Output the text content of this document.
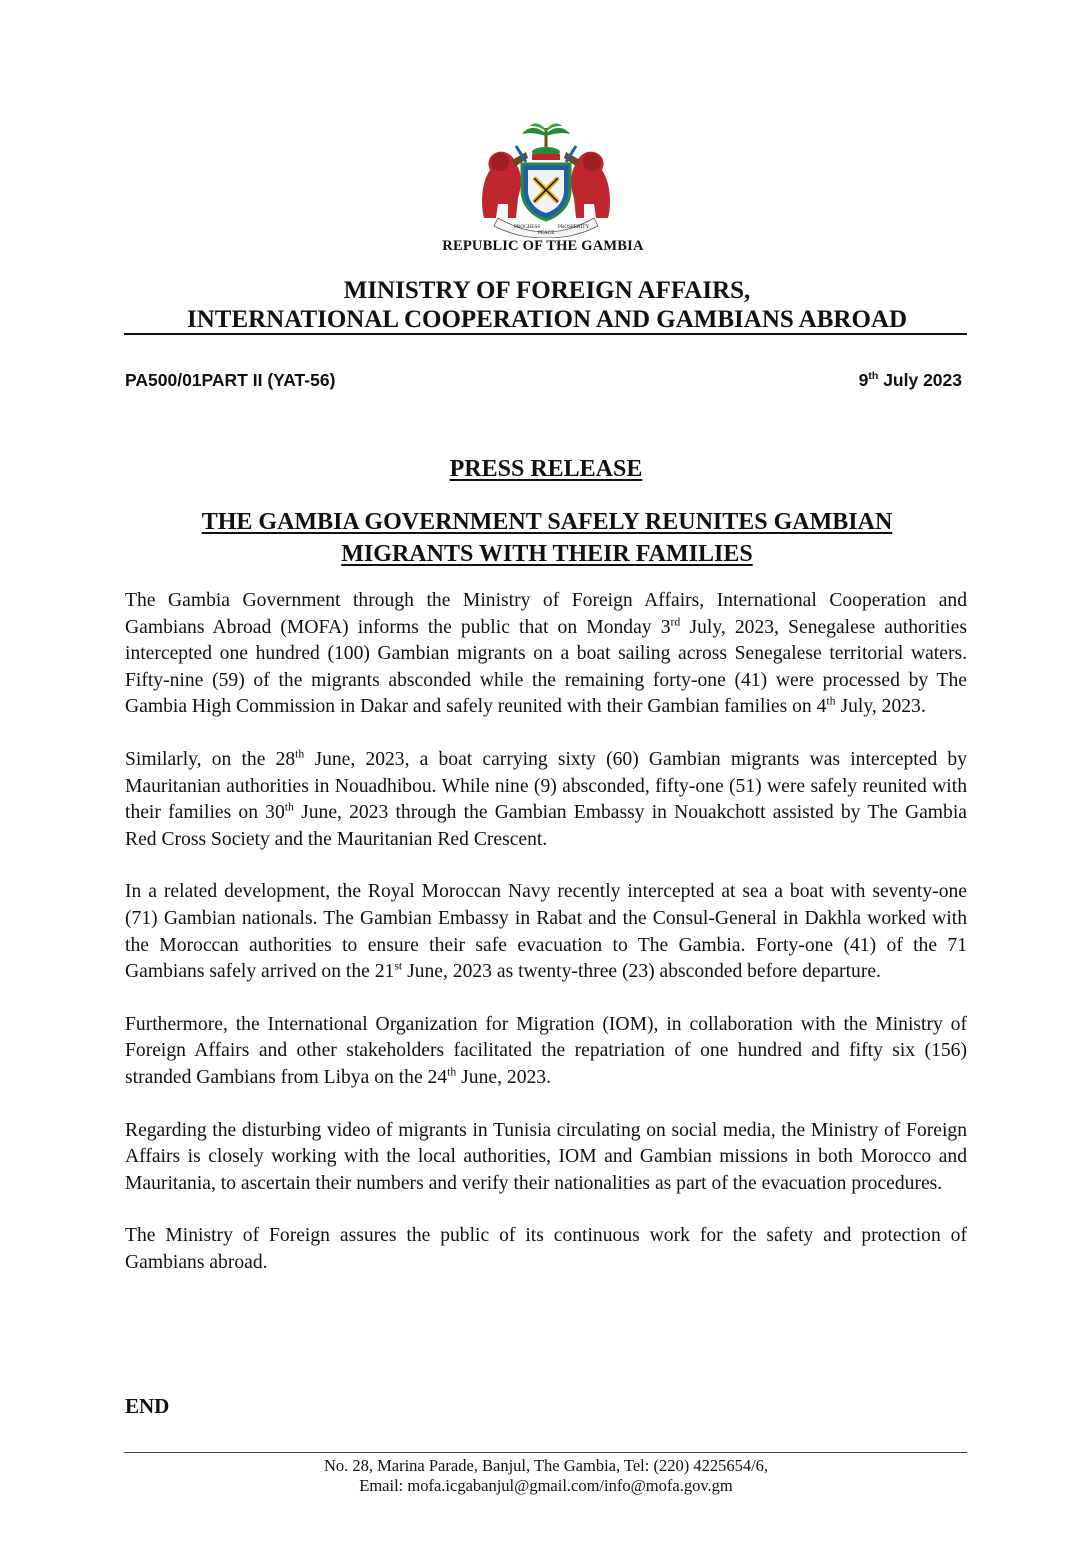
PROGRESS
PEACE
PROSPERITY
REPUBLIC OF THE GAMBIA
MINISTRY OF FOREIGN AFFAIRS,
INTERNATIONAL COOPERATION AND GAMBIANS ABROAD
PA500/01PART II (YAT-56)	9th July 2023
PRESS RELEASE
THE GAMBIA GOVERNMENT SAFELY REUNITES GAMBIAN
MIGRANTS WITH THEIR FAMILIES

The Gambia Government through the Ministry of Foreign Affairs, International Cooperation and Gambians Abroad (MOFA) informs the public that on Monday 3rd July, 2023, Senegalese authorities intercepted one hundred (100) Gambian migrants on a boat sailing across Senegalese territorial waters. Fifty-nine (59) of the migrants absconded while the remaining forty-one (41) were processed by The Gambia High Commission in Dakar and safely reunited with their Gambian families on 4th July, 2023.

Similarly, on the 28th June, 2023, a boat carrying sixty (60) Gambian migrants was intercepted by Mauritanian authorities in Nouadhibou. While nine (9) absconded, fifty-one (51) were safely reunited with their families on 30th June, 2023 through the Gambian Embassy in Nouakchott assisted by The Gambia Red Cross Society and the Mauritanian Red Crescent.

In a related development, the Royal Moroccan Navy recently intercepted at sea a boat with seventy-one (71) Gambian nationals. The Gambian Embassy in Rabat and the Consul-General in Dakhla worked with the Moroccan authorities to ensure their safe evacuation to The Gambia. Forty-one (41) of the 71 Gambians safely arrived on the 21st June, 2023 as twenty-three (23) absconded before departure.

Furthermore, the International Organization for Migration (IOM), in collaboration with the Ministry of Foreign Affairs and other stakeholders facilitated the repatriation of one hundred and fifty six (156) stranded Gambians from Libya on the 24th June, 2023.

Regarding the disturbing video of migrants in Tunisia circulating on social media, the Ministry of Foreign Affairs is closely working with the local authorities, IOM and Gambian missions in both Morocco and Mauritania, to ascertain their numbers and verify their nationalities as part of the evacuation procedures.

The Ministry of Foreign assures the public of its continuous work for the safety and protection of Gambians abroad.

END
No. 28, Marina Parade, Banjul, The Gambia, Tel: (220) 4225654/6,
Email: mofa.icgabanjul@gmail.com/info@mofa.gov.gm
